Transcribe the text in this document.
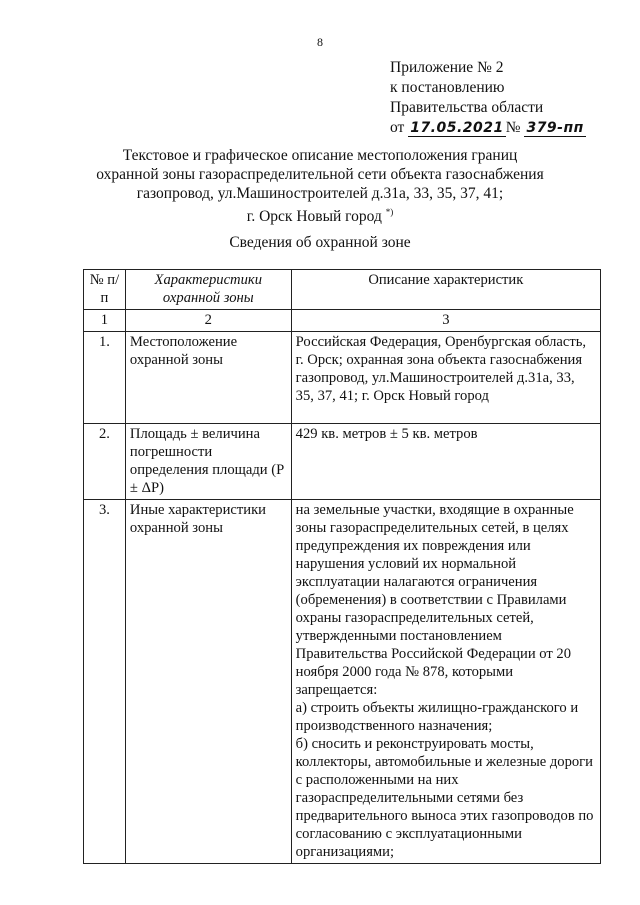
8
Приложение № 2
к постановлению
Правительства области
от 17.05.2021 № 379-пп
Текстовое и графическое описание местоположения границ
охранной зоны газораспределительной сети объекта газоснабжения
газопровод, ул.Машиностроителей д.31а, 33, 35, 37, 41;
г. Орск Новый город *)
Сведения об охранной зоне
№ п/п	Характеристики охранной зоны	Описание характеристик
1	2	3
1.	Местоположение охранной зоны	Российская Федерация, Оренбургская область, г. Орск; охранная зона объекта газоснабжения газопровод, ул.Машиностроителей д.31а, 33, 35, 37, 41; г. Орск Новый город
2.	Площадь ± величина погрешности определения площади (P ± ΔP)	429 кв. метров ± 5 кв. метров
3.	Иные характеристики охранной зоны	на земельные участки, входящие в охранные зоны газораспределительных сетей, в целях предупреждения их повреждения или нарушения условий их нормальной эксплуатации налагаются ограничения (обременения) в соответствии с Правилами охраны газораспределительных сетей, утвержденными постановлением Правительства Российской Федерации от 20 ноября 2000 года № 878, которыми запрещается:
а) строить объекты жилищно-гражданского и производственного назначения;
б) сносить и реконструировать мосты, коллекторы, автомобильные и железные дороги с расположенными на них газораспределительными сетями без предварительного выноса этих газопроводов по согласованию с эксплуатационными организациями;
